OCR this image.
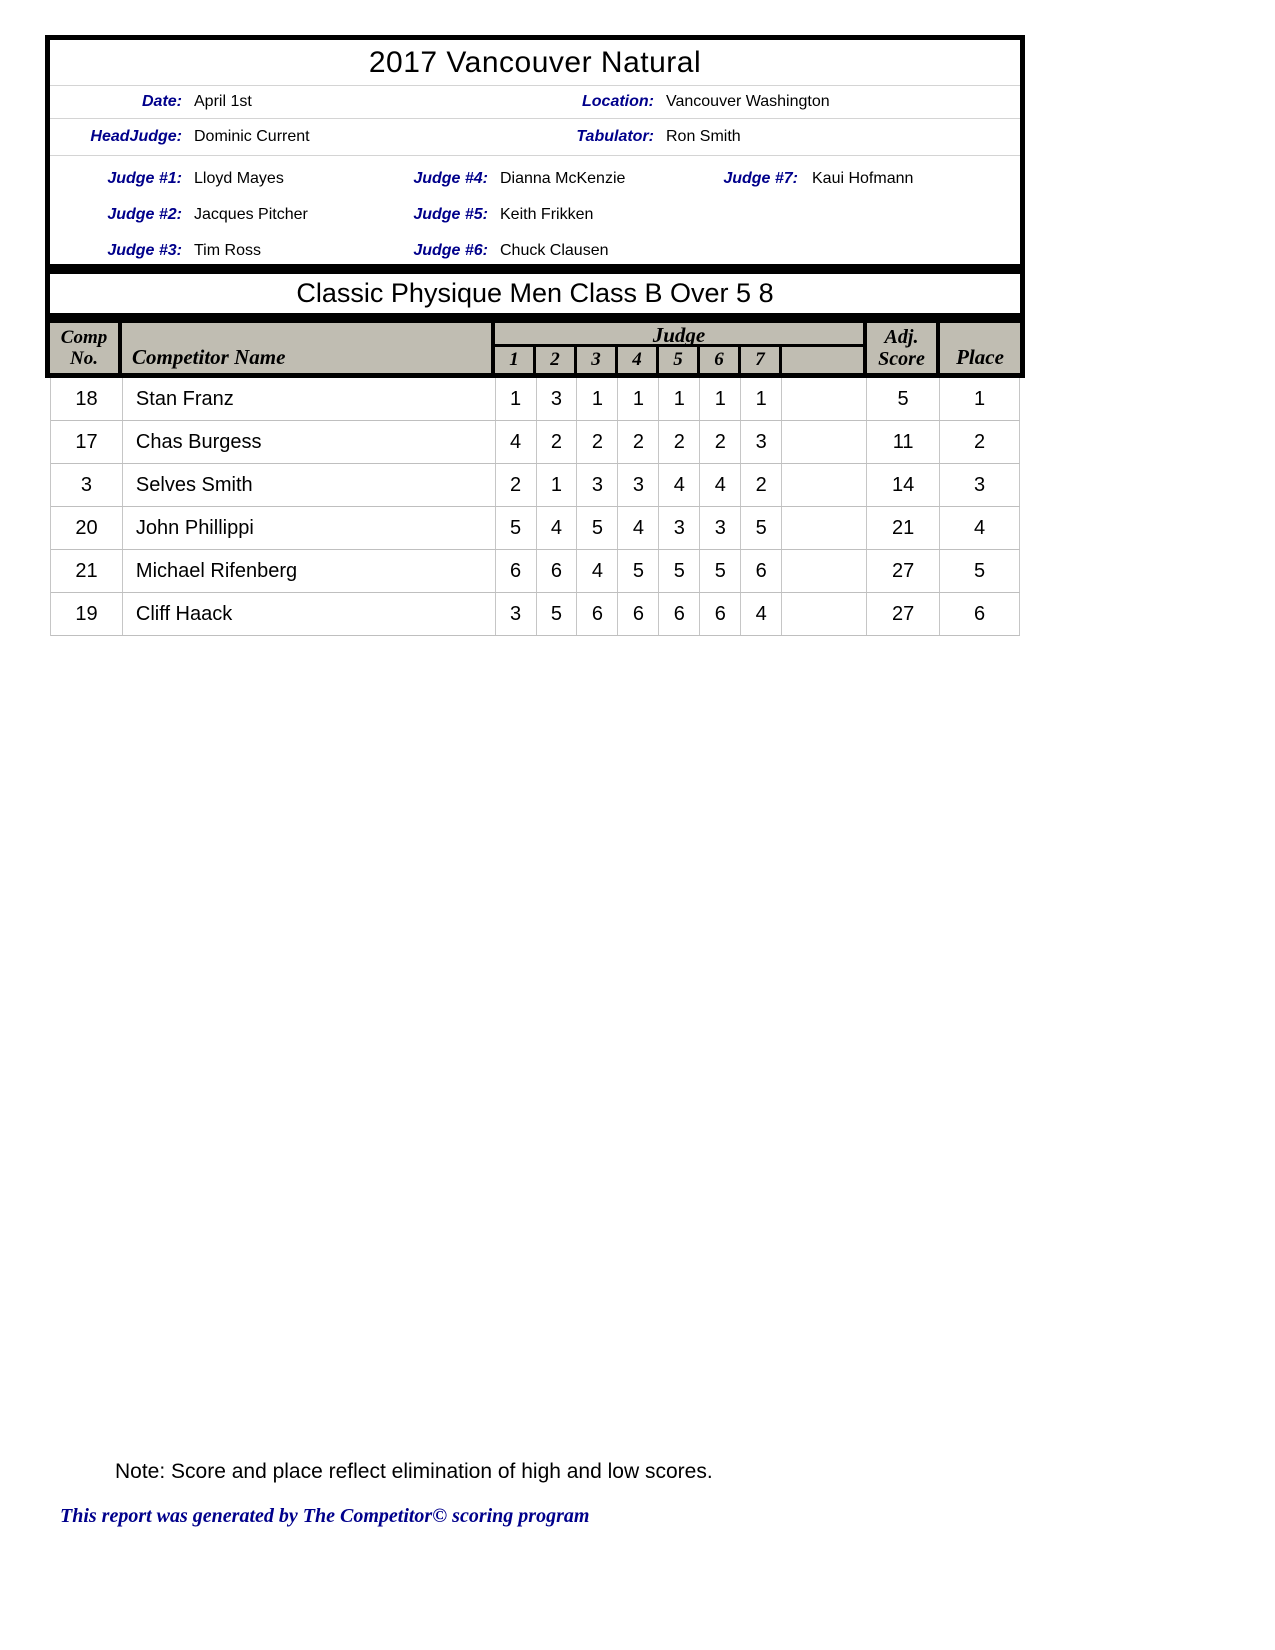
2017 Vancouver Natural
Date: April 1st	Location: Vancouver Washington
HeadJudge: Dominic Current	Tabulator: Ron Smith
Judge #1: Lloyd Mayes	Judge #4: Dianna McKenzie	Judge #7: Kaui Hofmann
Judge #2: Jacques Pitcher	Judge #5: Keith Frikken
Judge #3: Tim Ross	Judge #6: Chuck Clausen
Classic Physique Men Class B Over 5 8
Comp
No.	Competitor Name
Judge
1	2	3	4	5	6	7
Adj.
Score	Place
18	Stan Franz	1	3	1	1	1	1	1	5	1
17	Chas Burgess	4	2	2	2	2	2	3	11	2
3	Selves Smith	2	1	3	3	4	4	2	14	3
20	John Phillippi	5	4	5	4	3	3	5	21	4
21	Michael Rifenberg	6	6	4	5	5	5	6	27	5
19	Cliff Haack	3	5	6	6	6	6	4	27	6
Note: Score and place reflect elimination of high and low scores.
This report was generated by The Competitor© scoring program
